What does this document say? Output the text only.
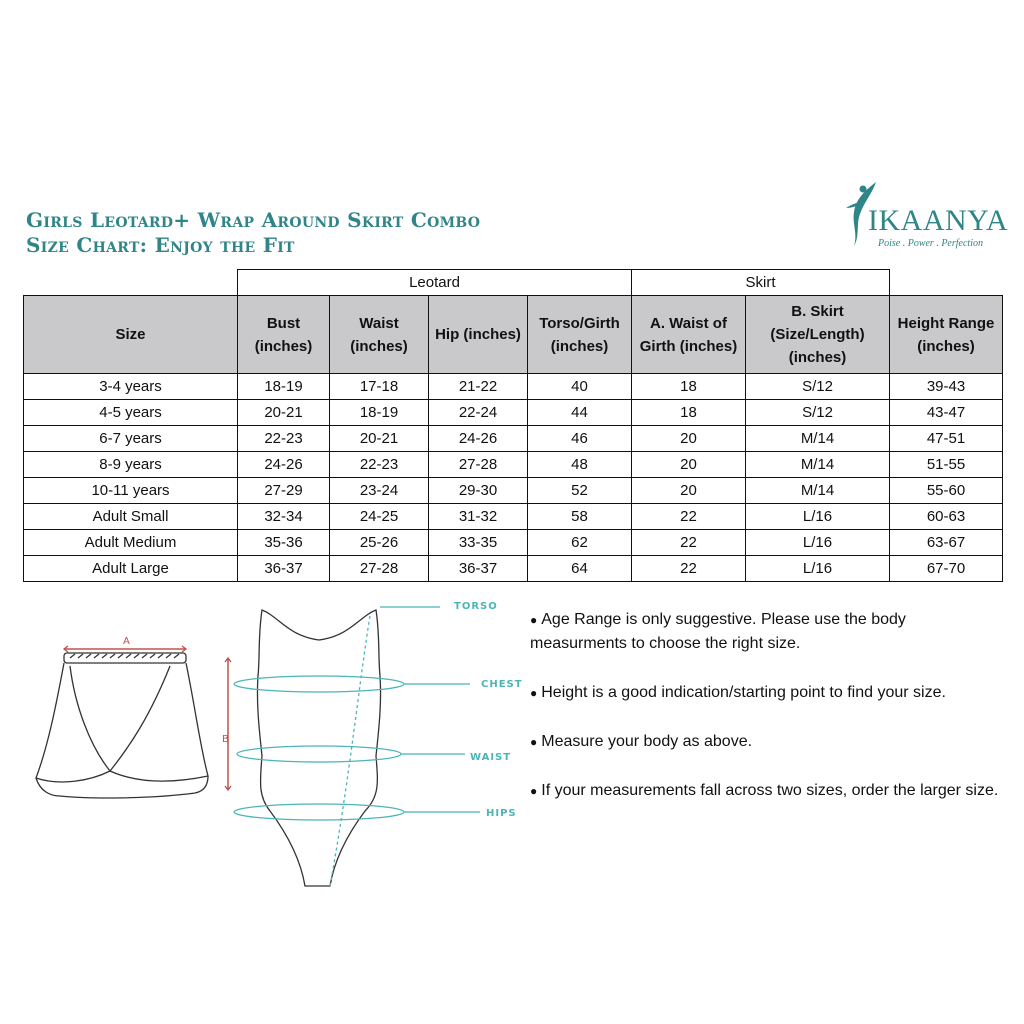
Girls Leotard+ Wrap Around Skirt Combo
Size Chart: Enjoy the Fit
IKAANYA
Poise . Power . Perfection
	Leotard				Skirt		
Size	Bust (inches)	Waist (inches)	Hip (inches)	Torso/Girth (inches)	A. Waist of Girth (inches)	B. Skirt (Size/Length) (inches)	Height Range (inches)
3-4 years	18-19	17-18	21-22	40	18	S/12	39-43
4-5 years	20-21	18-19	22-24	44	18	S/12	43-47
6-7 years	22-23	20-21	24-26	46	20	M/14	47-51
8-9 years	24-26	22-23	27-28	48	20	M/14	51-55
10-11 years	27-29	23-24	29-30	52	20	M/14	55-60
Adult Small	32-34	24-25	31-32	58	22	L/16	60-63
Adult Medium	35-36	25-26	33-35	62	22	L/16	63-67
Adult Large	36-37	27-28	36-37	64	22	L/16	67-70
A
B
TORSO
CHEST
WAIST
HIPS
● Age Range is only suggestive. Please use the body measurments to choose the right size.
● Height is a good indication/starting point to find your size.
● Measure your body as above.
● If your measurements fall across two sizes, order the larger size.
